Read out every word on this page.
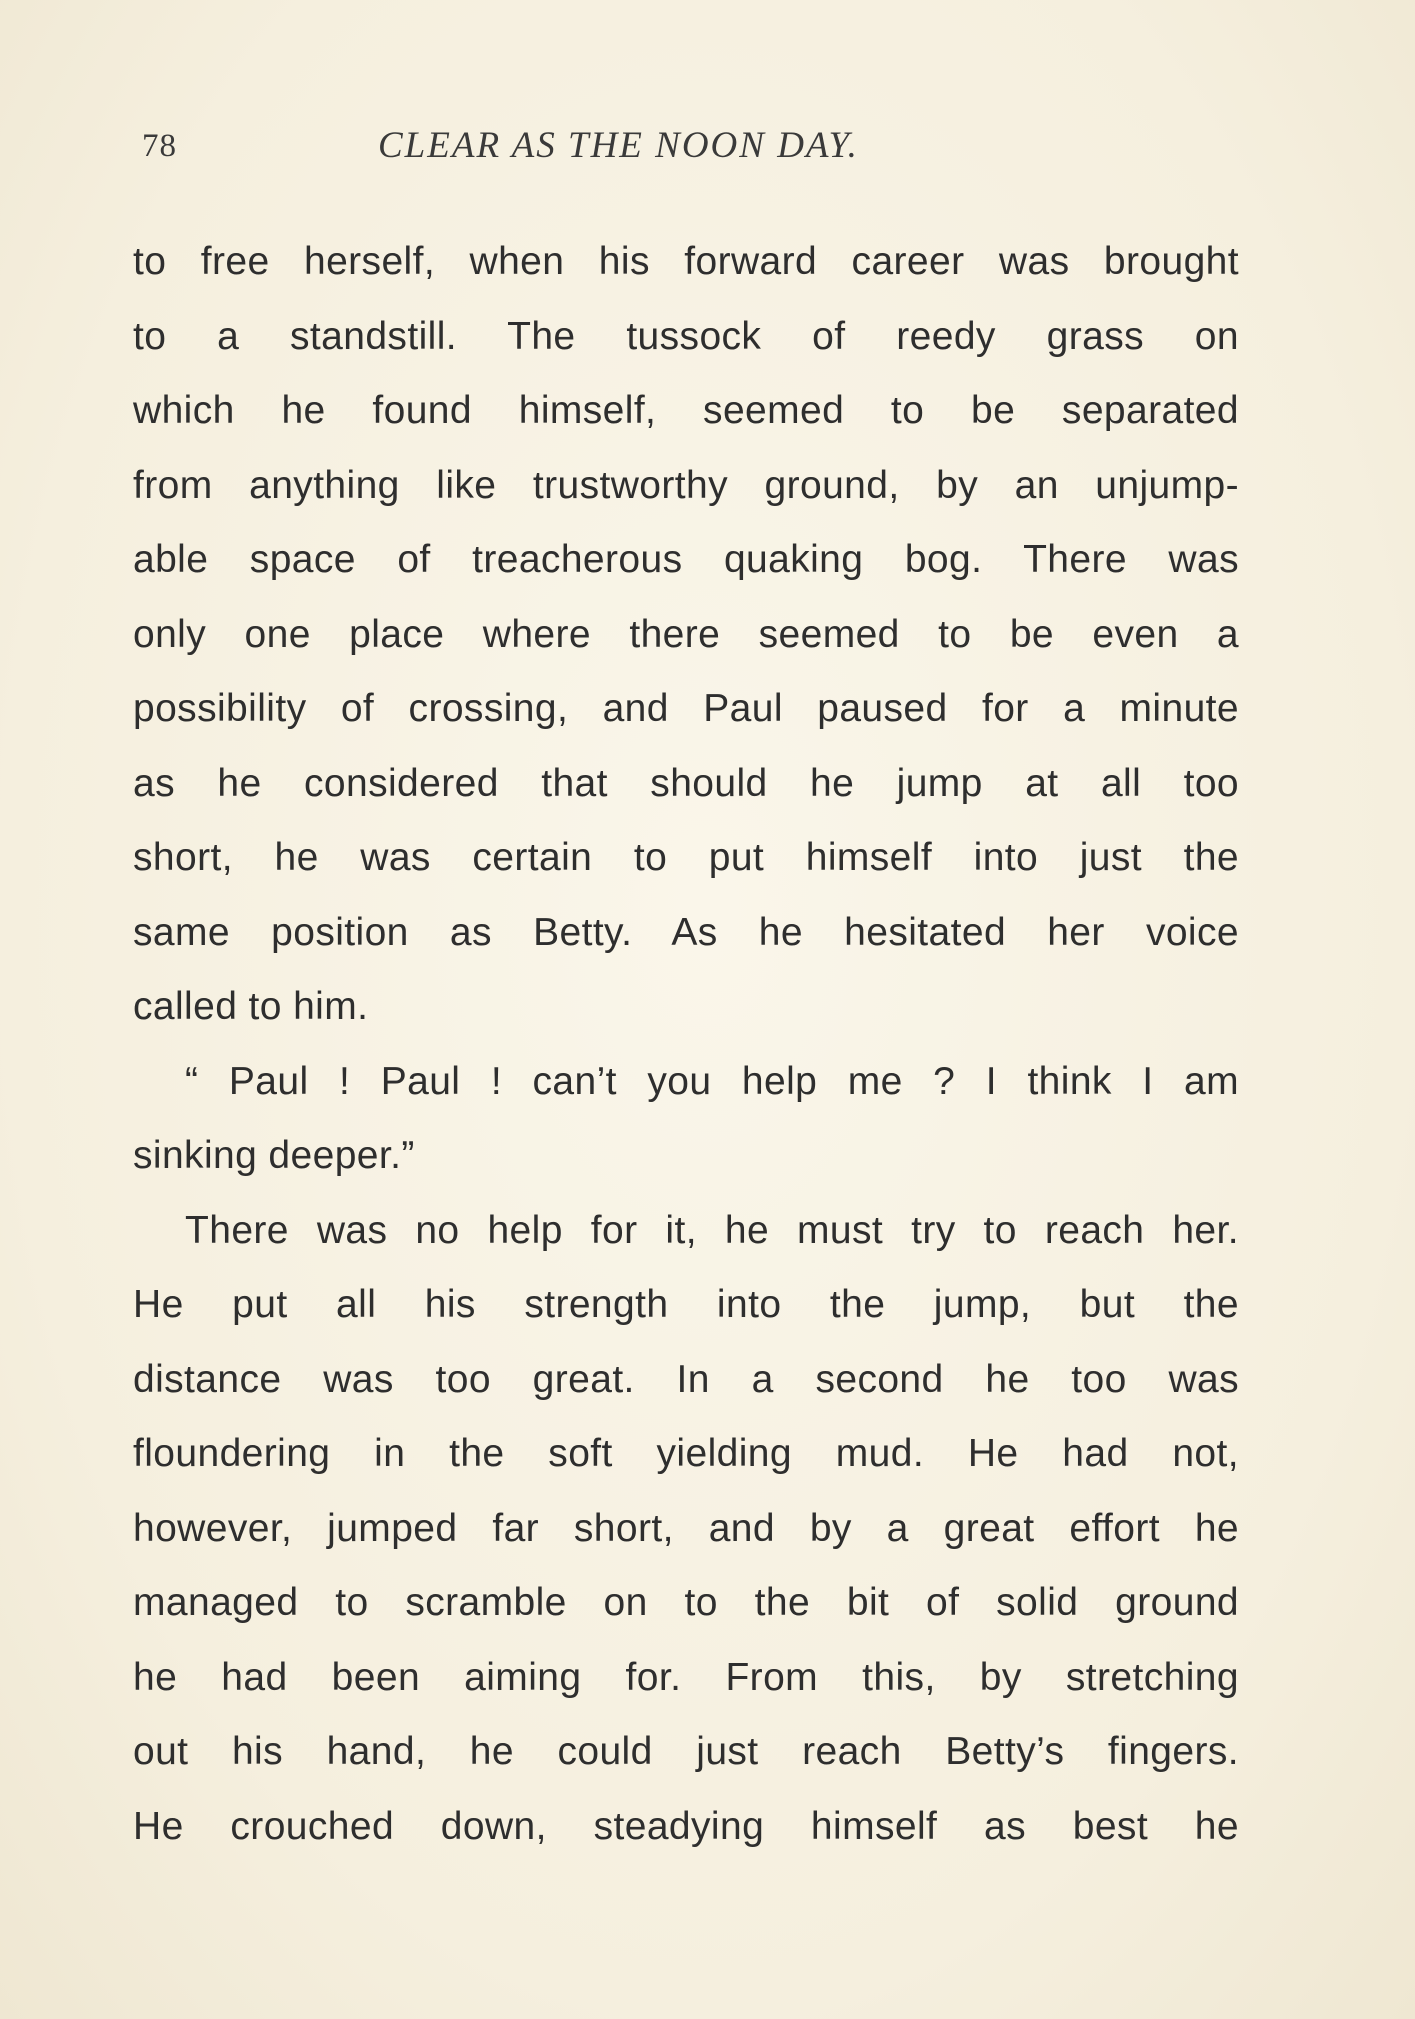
78	CLEAR AS THE NOON DAY.
to free herself, when his forward career was brought
to a standstill. The tussock of reedy grass on
which he found himself, seemed to be separated
from anything like trustworthy ground, by an unjump-
able space of treacherous quaking bog. There was
only one place where there seemed to be even a
possibility of crossing, and Paul paused for a minute
as he considered that should he jump at all too
short, he was certain to put himself into just the
same position as Betty. As he hesitated her voice
called to him.
“ Paul ! Paul ! can’t you help me ? I think I am
sinking deeper.”
There was no help for it, he must try to reach her.
He put all his strength into the jump, but the
distance was too great. In a second he too was
floundering in the soft yielding mud. He had not,
however, jumped far short, and by a great effort he
managed to scramble on to the bit of solid ground
he had been aiming for. From this, by stretching
out his hand, he could just reach Betty’s fingers.
He crouched down, steadying himself as best he
